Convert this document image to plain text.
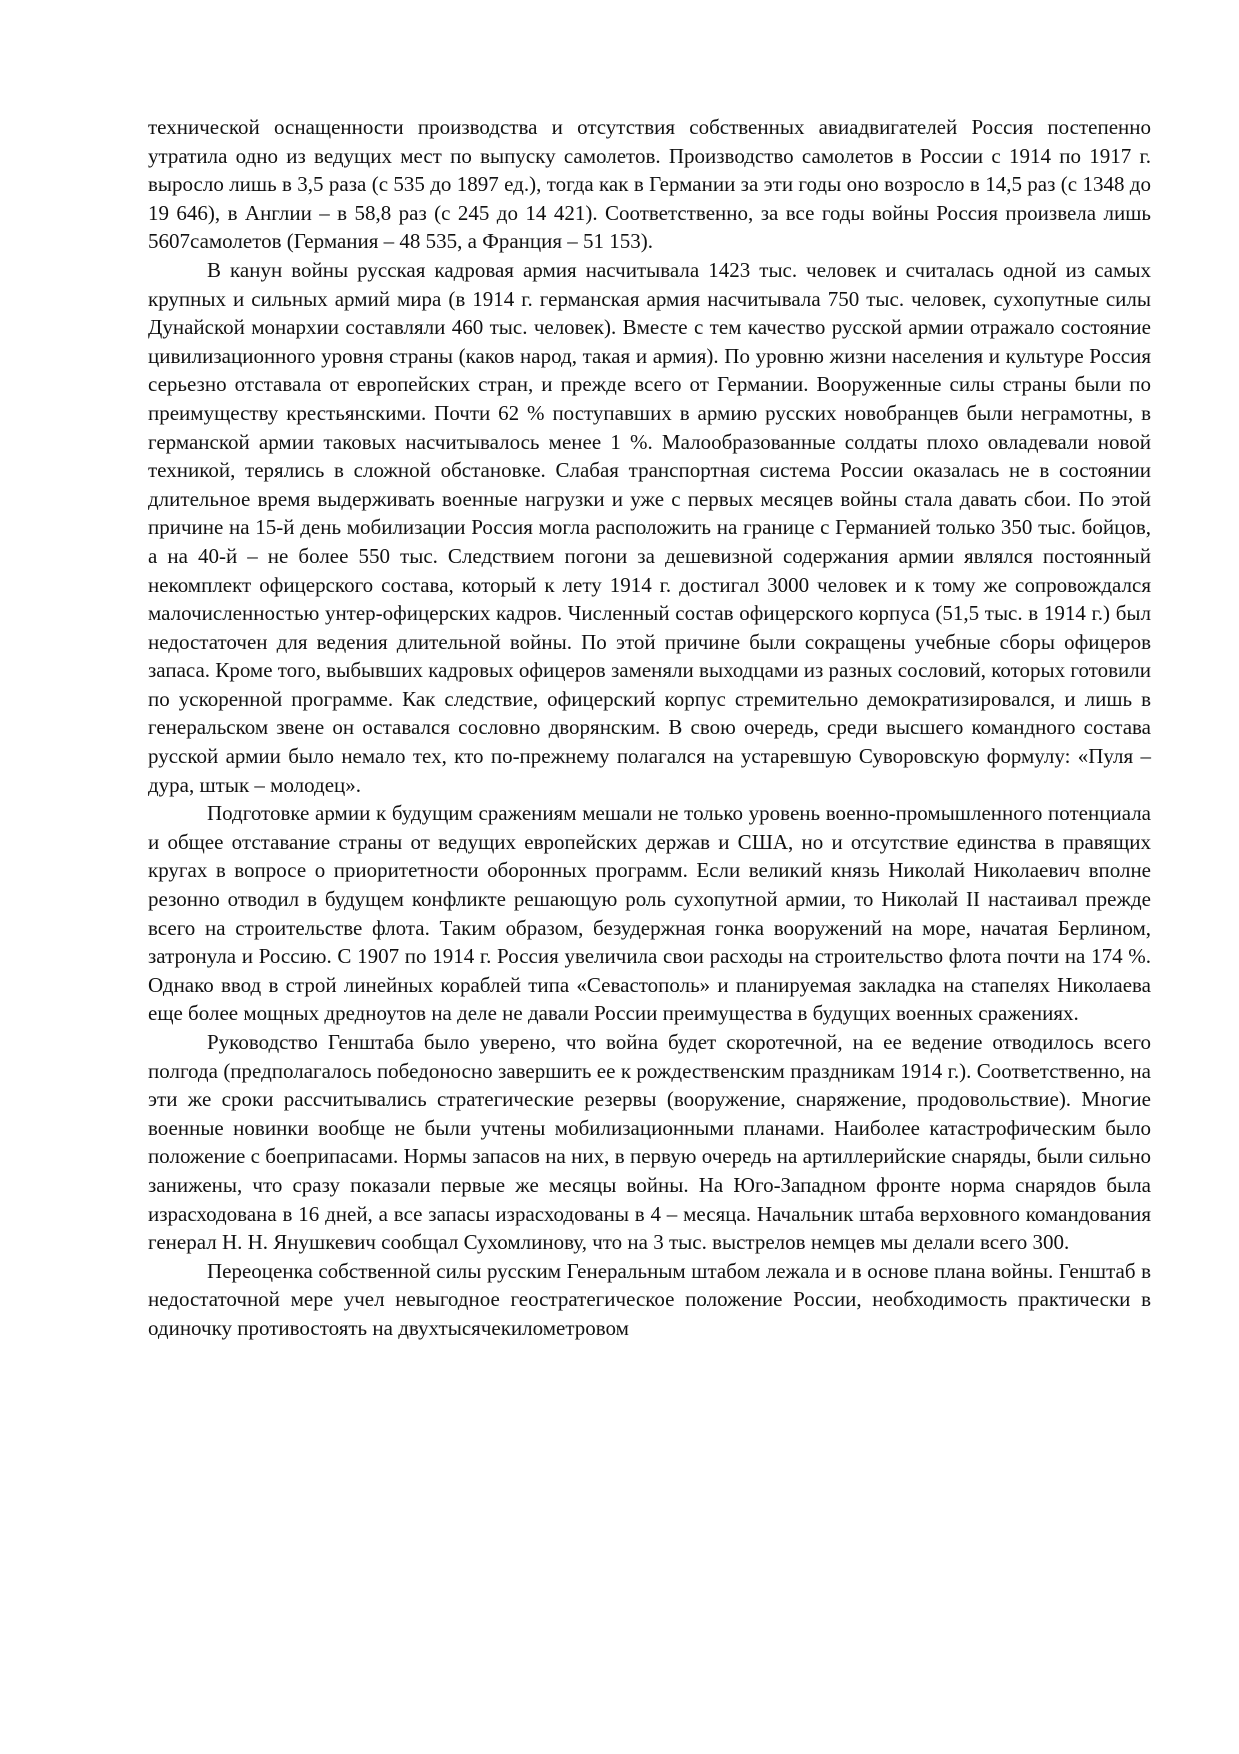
технической оснащенности производства и отсутствия собственных авиадвигателей Россия постепенно утратила одно из ведущих мест по выпуску самолетов. Производство самолетов в России с 1914 по 1917 г. выросло лишь в 3,5 раза (с 535 до 1897 ед.), тогда как в Германии за эти годы оно возросло в 14,5 раз (с 1348 до 19 646), в Англии – в 58,8 раз (с 245 до 14 421). Соответственно, за все годы войны Россия произвела лишь 5607самолетов (Германия – 48 535, а Франция – 51 153).

В канун войны русская кадровая армия насчитывала 1423 тыс. человек и считалась одной из самых крупных и сильных армий мира (в 1914 г. германская армия насчитывала 750 тыс. человек, сухопутные силы Дунайской монархии составляли 460 тыс. человек). Вместе с тем качество русской армии отражало состояние цивилизационного уровня страны (каков народ, такая и армия). По уровню жизни населения и культуре Россия серьезно отставала от европейских стран, и прежде всего от Германии. Вооруженные силы страны были по преимуществу крестьянскими. Почти 62 % поступавших в армию русских новобранцев были неграмотны, в германской армии таковых насчитывалось менее 1 %. Малообразованные солдаты плохо овладевали новой техникой, терялись в сложной обстановке. Слабая транспортная система России оказалась не в состоянии длительное время выдерживать военные нагрузки и уже с первых месяцев войны стала давать сбои. По этой причине на 15-й день мобилизации Россия могла расположить на границе с Германией только 350 тыс. бойцов, а на 40-й – не более 550 тыс. Следствием погони за дешевизной содержания армии являлся постоянный некомплект офицерского состава, который к лету 1914 г. достигал 3000 человек и к тому же сопровождался малочисленностью унтер-офицерских кадров. Численный состав офицерского корпуса (51,5 тыс. в 1914 г.) был недостаточен для ведения длительной войны. По этой причине были сокращены учебные сборы офицеров запаса. Кроме того, выбывших кадровых офицеров заменяли выходцами из разных сословий, которых готовили по ускоренной программе. Как следствие, офицерский корпус стремительно демократизировался, и лишь в генеральском звене он оставался сословно дворянским. В свою очередь, среди высшего командного состава русской армии было немало тех, кто по-прежнему полагался на устаревшую Суворовскую формулу: «Пуля – дура, штык – молодец».

Подготовке армии к будущим сражениям мешали не только уровень военно-промышленного потенциала и общее отставание страны от ведущих европейских держав и США, но и отсутствие единства в правящих кругах в вопросе о приоритетности оборонных программ. Если великий князь Николай Николаевич вполне резонно отводил в будущем конфликте решающую роль сухопутной армии, то Николай II настаивал прежде всего на строительстве флота. Таким образом, безудержная гонка вооружений на море, начатая Берлином, затронула и Россию. С 1907 по 1914 г. Россия увеличила свои расходы на строительство флота почти на 174 %. Однако ввод в строй линейных кораблей типа «Севастополь» и планируемая закладка на стапелях Николаева еще более мощных дредноутов на деле не давали России преимущества в будущих военных сражениях.

Руководство Генштаба было уверено, что война будет скоротечной, на ее ведение отводилось всего полгода (предполагалось победоносно завершить ее к рождественским праздникам 1914 г.). Соответственно, на эти же сроки рассчитывались стратегические резервы (вооружение, снаряжение, продовольствие). Многие военные новинки вообще не были учтены мобилизационными планами. Наиболее катастрофическим было положение с боеприпасами. Нормы запасов на них, в первую очередь на артиллерийские снаряды, были сильно занижены, что сразу показали первые же месяцы войны. На Юго-Западном фронте норма снарядов была израсходована в 16 дней, а все запасы израсходованы в 4 – месяца. Начальник штаба верховного командования генерал Н. Н. Янушкевич сообщал Сухомлинову, что на 3 тыс. выстрелов немцев мы делали всего 300.

Переоценка собственной силы русским Генеральным штабом лежала и в основе плана войны. Генштаб в недостаточной мере учел невыгодное геостратегическое положение России, необходимость практически в одиночку противостоять на двухтысячекилометровом
